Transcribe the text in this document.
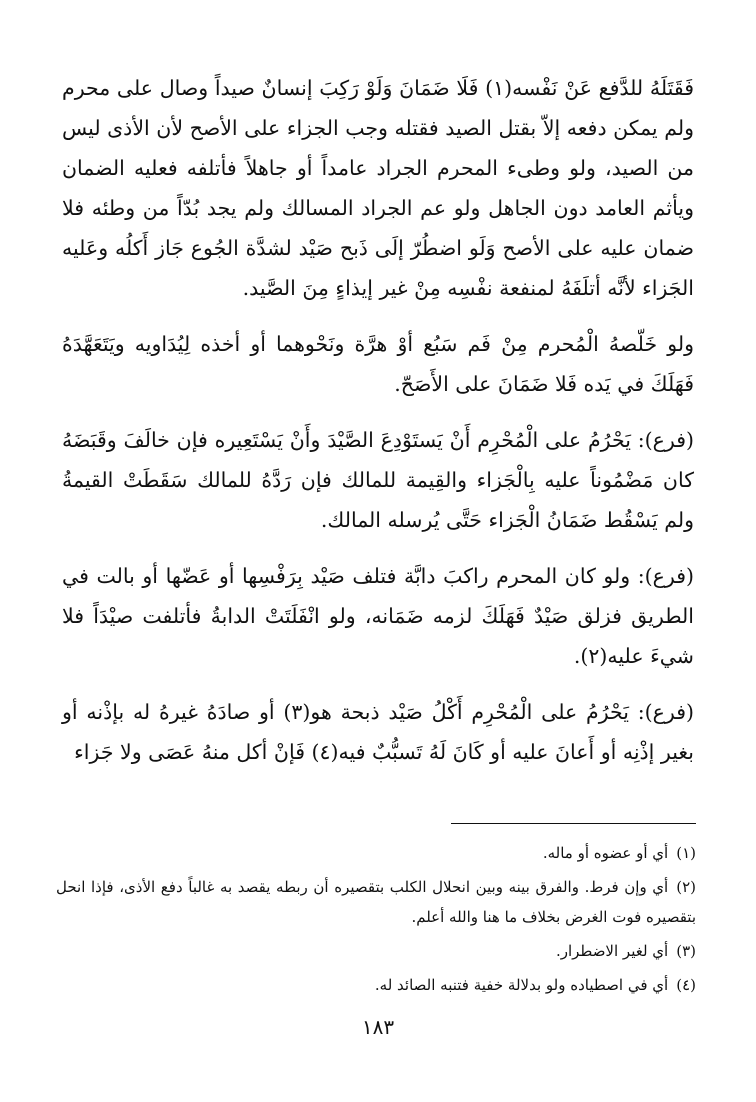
فَقَتَلَهُ للدَّفع عَنْ نَفْسه(١) فَلَا ضَمَانَ وَلَوْ رَكِبَ إنسانٌ صيداً وصال على محرم ولم يمكن دفعه إلاّ بقتل الصيد فقتله وجب الجزاء على الأصح لأن الأذى ليس من الصيد، ولو وطىء المحرم الجراد عامداً أو جاهلاً فأتلفه فعليه الضمان ويأثم العامد دون الجاهل ولو عم الجراد المسالك ولم يجد بُدّاً من وطئه فلا ضمان عليه على الأصح وَلَو اضطُرّ إلَى ذَبح صَيْد لشدَّة الجُوع جَاز أَكلُه وعَليه الجَزاء لأنَّه أتلَفَهُ لمنفعة نفْسِه مِنْ غير إيذاءٍ مِنَ الصَّيد.

ولو خَلّصهُ الْمُحرم مِنْ فَم سَبُع أوْ هرَّة ونَحْوهما أو أخذه لِيُدَاويه ويَتَعَهَّدَهُ فَهَلَكَ في يَده فَلا ضَمَانَ على الأَصَحّ.

(فرع): يَحْرُمُ على الْمُحْرِم أَنْ يَستَوْدِعَ الصَّيْدَ وأَنْ يَسْتَعِيره فإن خالَفَ وقَبَضَهُ كان مَضْمُوناً عليه بِالْجَزاء والقِيمة للمالك فإن رَدَّهُ للمالك سَقَطَتْ القيمةُ ولم يَسْقُط ضَمَانُ الْجَزاء حَتَّى يُرسله المالك.

(فرع): ولو كان المحرم راكبَ دابَّة فتلف صَيْد بِرَفْسِها أو عَضّها أو بالت في الطريق فزلق صَيْدٌ فَهَلَكَ لزمه ضَمَانه، ولو انْفَلَتَتْ الدابةُ فأتلفت صيْدَاً فلا شيءَ عليه(٢).

(فرع): يَحْرُمُ على الْمُحْرِم أَكْلُ صَيْد ذبحة هو(٣) أو صادَهُ غيرهُ له بإذْنه أو بغير إذْنِه أو أَعانَ عليه أو كَانَ لَهُ تَسبُّبٌ فيه(٤) فَإنْ أكل منهُ عَصَى ولا جَزاء

(١)أي أو عضوه أو ماله.

(٢)أي وإن فرط. والفرق بينه وبين انحلال الكلب بتقصيره أن ربطه يقصد به غالباً دفع الأذى، فإذا انحل بتقصيره فوت الغرض بخلاف ما هنا والله أعلم.

(٣)أي لغير الاضطرار.

(٤)أي في اصطياده ولو بدلالة خفية فتنبه الصائد له.

١٨٣
